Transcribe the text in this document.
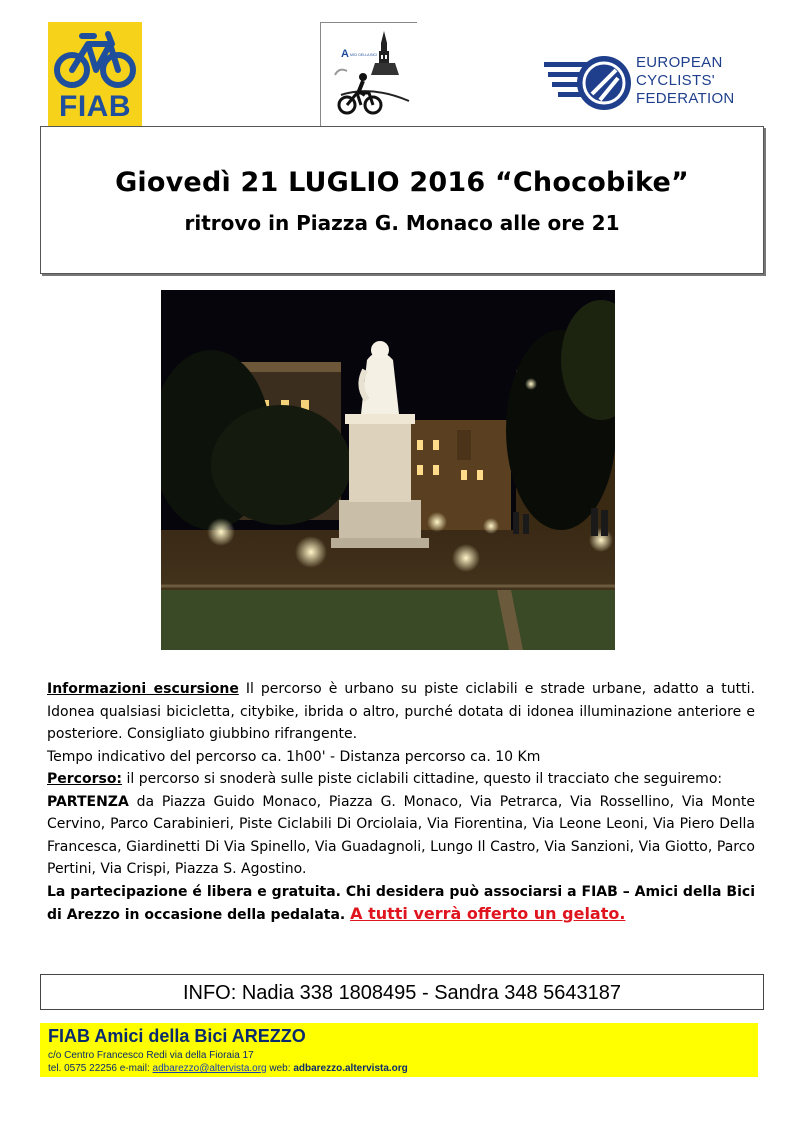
FIAB
A MICI DELLA BICI	EUROPEAN
CYCLISTS'
FEDERATION
Giovedì 21 LUGLIO 2016 “Chocobike”
ritrovo in Piazza G. Monaco alle ore 21
Informazioni escursione Il percorso è urbano su piste ciclabili e strade urbane, adatto a tutti. Idonea qualsiasi bicicletta, citybike, ibrida o altro, purché dotata di idonea illuminazione anteriore e posteriore. Consigliato giubbino rifrangente.
Tempo indicativo del percorso ca. 1h00' - Distanza percorso ca. 10 Km
Percorso: il percorso si snoderà sulle piste ciclabili cittadine, questo il tracciato che seguiremo:
PARTENZA da Piazza Guido Monaco, Piazza G. Monaco, Via Petrarca, Via Rossellino, Via Monte Cervino, Parco Carabinieri, Piste Ciclabili Di Orciolaia, Via Fiorentina, Via Leone Leoni, Via Piero Della Francesca, Giardinetti Di Via Spinello, Via Guadagnoli, Lungo Il Castro, Via Sanzioni, Via Giotto, Parco Pertini, Via Crispi, Piazza S. Agostino.
La partecipazione é libera e gratuita. Chi desidera può associarsi a FIAB – Amici della Bici di Arezzo in occasione della pedalata. A tutti verrà offerto un gelato.
INFO: Nadia 338 1808495 - Sandra 348 5643187
FIAB Amici della Bici AREZZO
c/o Centro Francesco Redi via della Fioraia 17
tel. 0575 22256 e-mail: adbarezzo@altervista.org web: adbarezzo.altervista.org
